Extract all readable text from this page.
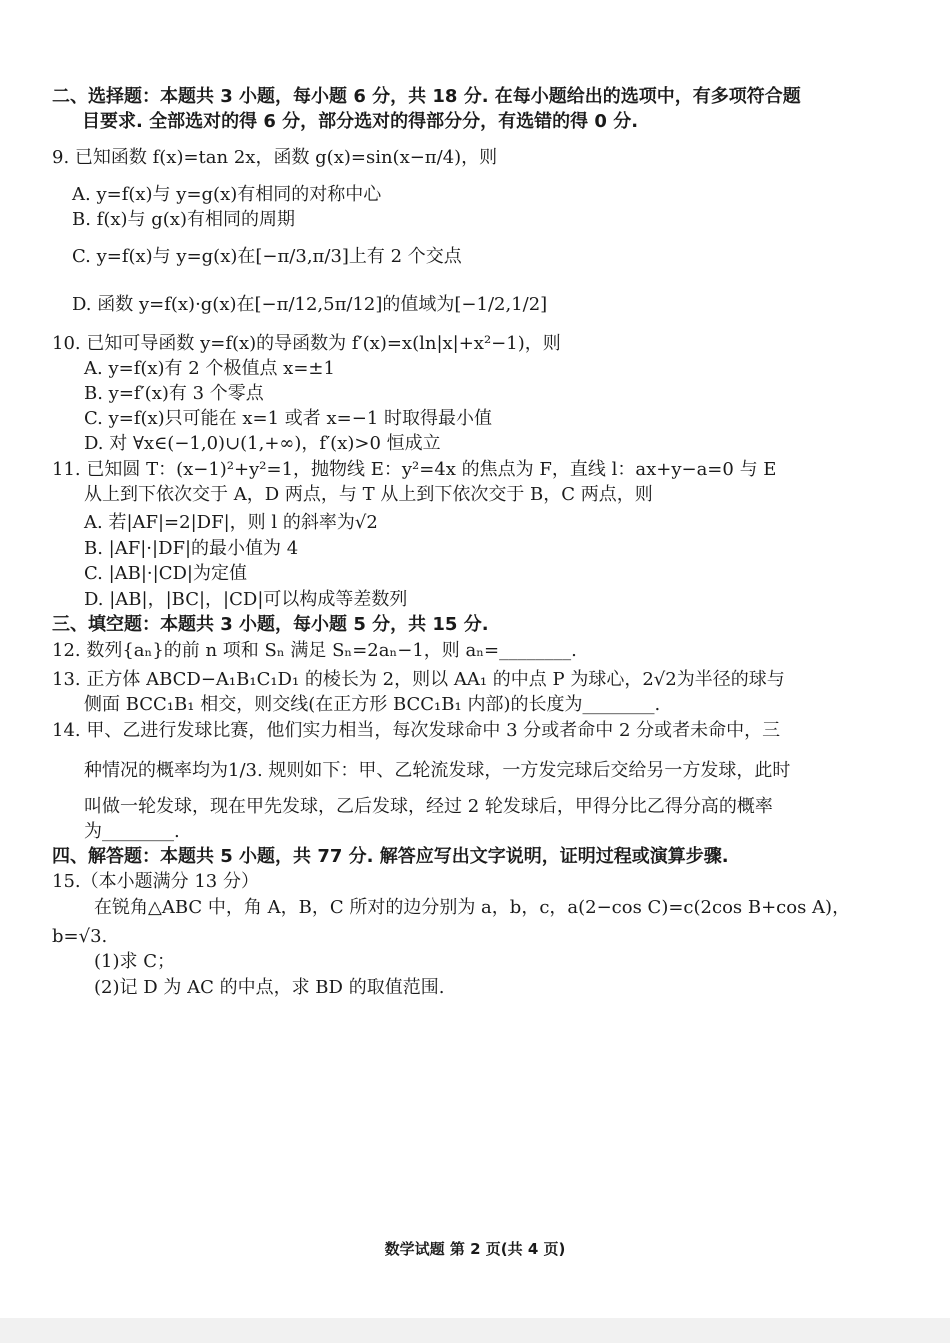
二、选择题：本题共 3 小题，每小题 6 分，共 18 分. 在每小题给出的选项中，有多项符合题
目要求. 全部选对的得 6 分，部分选对的得部分分，有选错的得 0 分.
9. 已知函数 f(x)=tan 2x，函数 g(x)=sin(x−π/4)，则
A. y=f(x)与 y=g(x)有相同的对称中心
B. f(x)与 g(x)有相同的周期
C. y=f(x)与 y=g(x)在[−π/3,π/3]上有 2 个交点
D. 函数 y=f(x)·g(x)在[−π/12,5π/12]的值域为[−1/2,1/2]
10. 已知可导函数 y=f(x)的导函数为 f′(x)=x(ln|x|+x²−1)，则
A. y=f(x)有 2 个极值点 x=±1
B. y=f′(x)有 3 个零点
C. y=f(x)只可能在 x=1 或者 x=−1 时取得最小值
D. 对 ∀x∈(−1,0)∪(1,+∞)，f′(x)>0 恒成立
11. 已知圆 T：(x−1)²+y²=1，抛物线 E：y²=4x 的焦点为 F，直线 l：ax+y−a=0 与 E
从上到下依次交于 A，D 两点，与 T 从上到下依次交于 B，C 两点，则
A. 若|AF|=2|DF|，则 l 的斜率为√2
B. |AF|·|DF|的最小值为 4
C. |AB|·|CD|为定值
D. |AB|，|BC|，|CD|可以构成等差数列
三、填空题：本题共 3 小题，每小题 5 分，共 15 分.
12. 数列{aₙ}的前 n 项和 Sₙ 满足 Sₙ=2aₙ−1，则 aₙ=________.
13. 正方体 ABCD−A₁B₁C₁D₁ 的棱长为 2，则以 AA₁ 的中点 P 为球心，2√2为半径的球与
侧面 BCC₁B₁ 相交，则交线(在正方形 BCC₁B₁ 内部)的长度为________.
14. 甲、乙进行发球比赛，他们实力相当，每次发球命中 3 分或者命中 2 分或者未命中，三
种情况的概率均为1/3. 规则如下：甲、乙轮流发球，一方发完球后交给另一方发球，此时
叫做一轮发球，现在甲先发球，乙后发球，经过 2 轮发球后，甲得分比乙得分高的概率
为________.
四、解答题：本题共 5 小题，共 77 分. 解答应写出文字说明，证明过程或演算步骤.
15.（本小题满分 13 分）
在锐角△ABC 中，角 A，B，C 所对的边分别为 a，b，c，a(2−cos C)=c(2cos B+cos A)，
b=√3.
(1)求 C；
(2)记 D 为 AC 的中点，求 BD 的取值范围.
数学试题 第 2 页(共 4 页)
